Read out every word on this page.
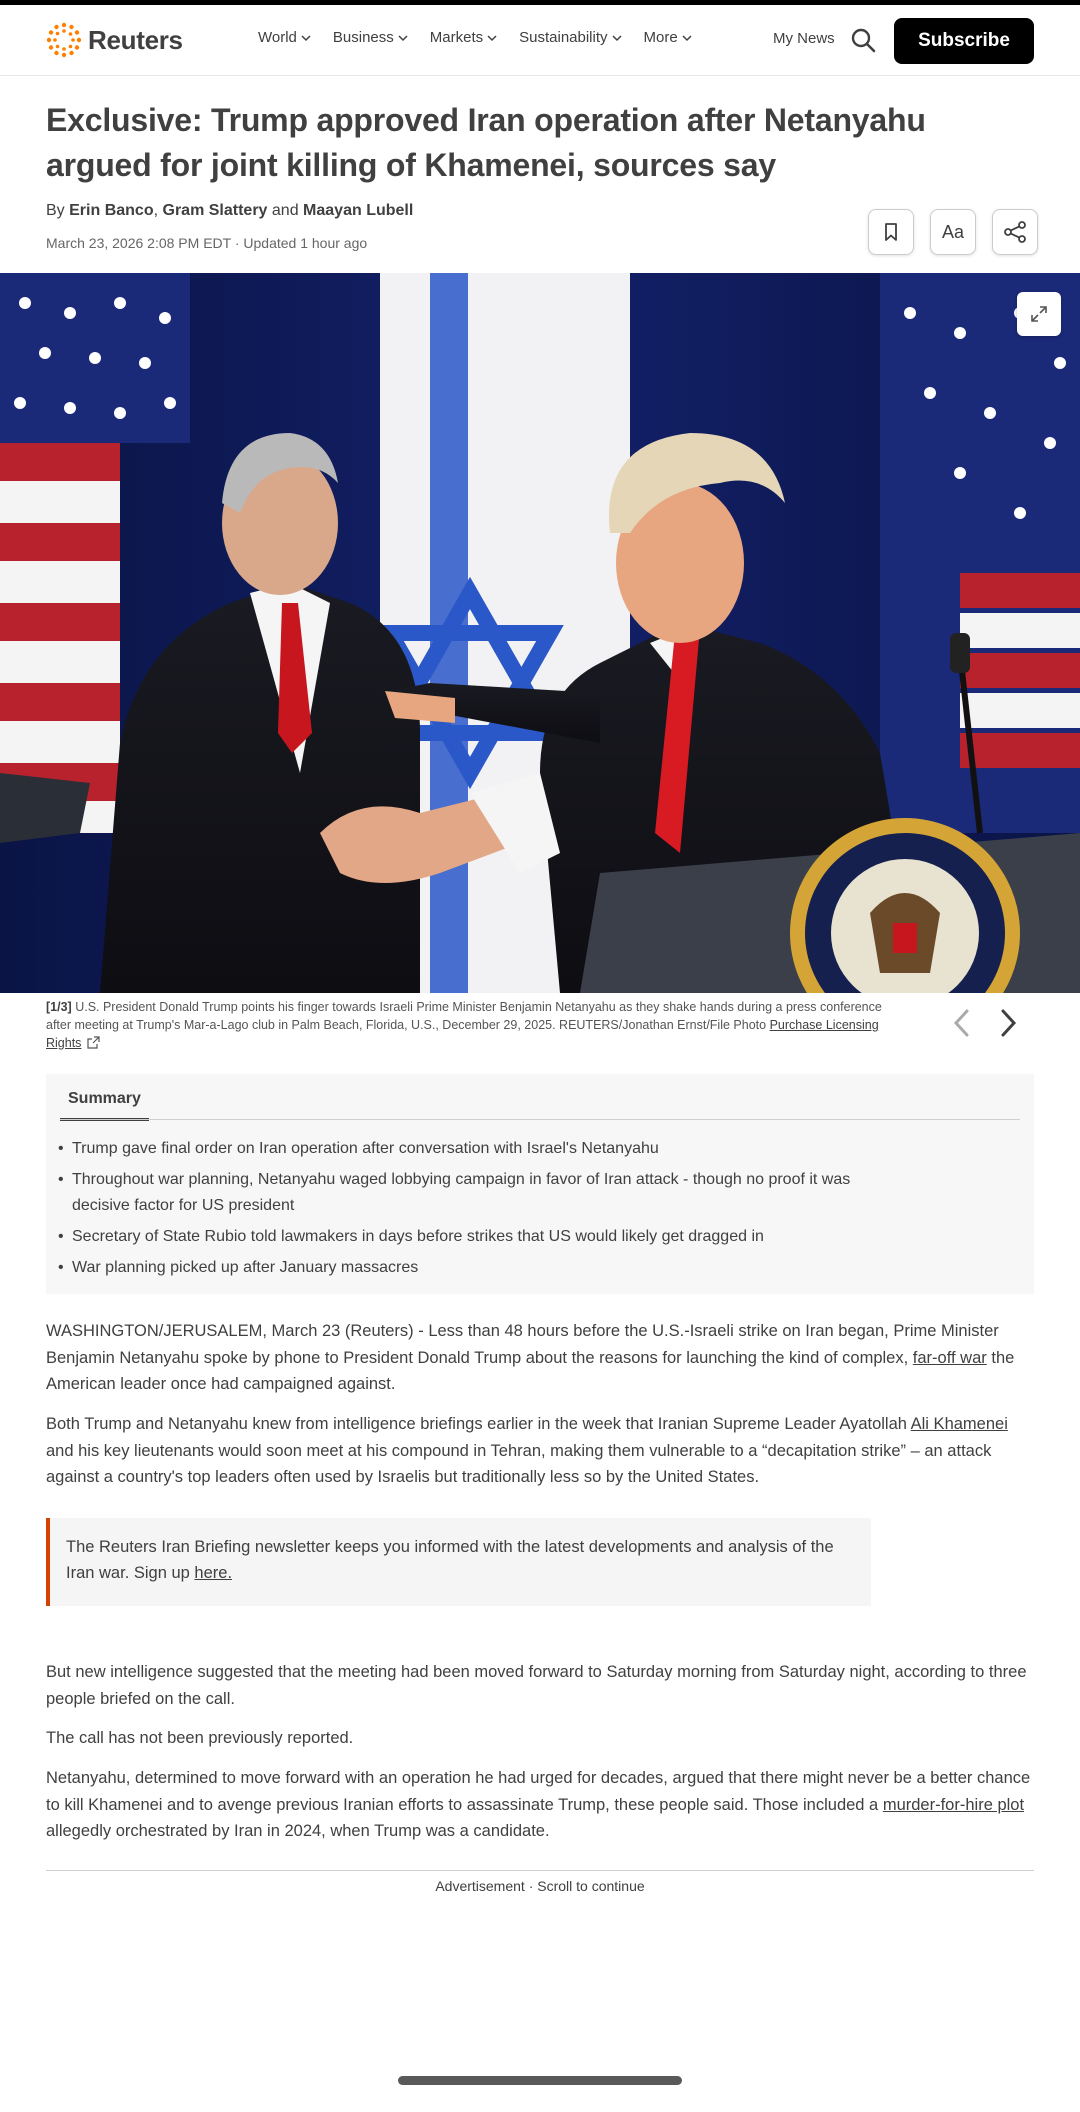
Reuters	World Business Markets Sustainability More	My News	Subscribe
Exclusive: Trump approved Iran operation after Netanyahu argued for joint killing of Khamenei, sources say
By Erin Banco, Gram Slattery and Maayan Lubell
March 23, 2026 2:08 PM EDT · Updated 1 hour ago
Aa
[1/3] U.S. President Donald Trump points his finger towards Israeli Prime Minister Benjamin Netanyahu as they shake hands during a press conference after meeting at Trump's Mar-a-Lago club in Palm Beach, Florida, U.S., December 29, 2025. REUTERS/Jonathan Ernst/File Photo Purchase Licensing Rights
Summary
• Trump gave final order on Iran operation after conversation with Israel's Netanyahu
• Throughout war planning, Netanyahu waged lobbying campaign in favor of Iran attack - though no proof it was decisive factor for US president
• Secretary of State Rubio told lawmakers in days before strikes that US would likely get dragged in
• War planning picked up after January massacres

WASHINGTON/JERUSALEM, March 23 (Reuters) - Less than 48 hours before the U.S.-Israeli strike on Iran began, Prime Minister Benjamin Netanyahu spoke by phone to President Donald Trump about the reasons for launching the kind of complex, far-off war the American leader once had campaigned against.

Both Trump and Netanyahu knew from intelligence briefings earlier in the week that Iranian Supreme Leader Ayatollah Ali Khamenei and his key lieutenants would soon meet at his compound in Tehran, making them vulnerable to a “decapitation strike” – an attack against a country's top leaders often used by Israelis but traditionally less so by the United States.

The Reuters Iran Briefing newsletter keeps you informed with the latest developments and analysis of the Iran war. Sign up here.

But new intelligence suggested that the meeting had been moved forward to Saturday morning from Saturday night, according to three people briefed on the call.

The call has not been previously reported.

Netanyahu, determined to move forward with an operation he had urged for decades, argued that there might never be a better chance to kill Khamenei and to avenge previous Iranian efforts to assassinate Trump, these people said. Those included a murder-for-hire plot allegedly orchestrated by Iran in 2024, when Trump was a candidate.

Advertisement · Scroll to continue
